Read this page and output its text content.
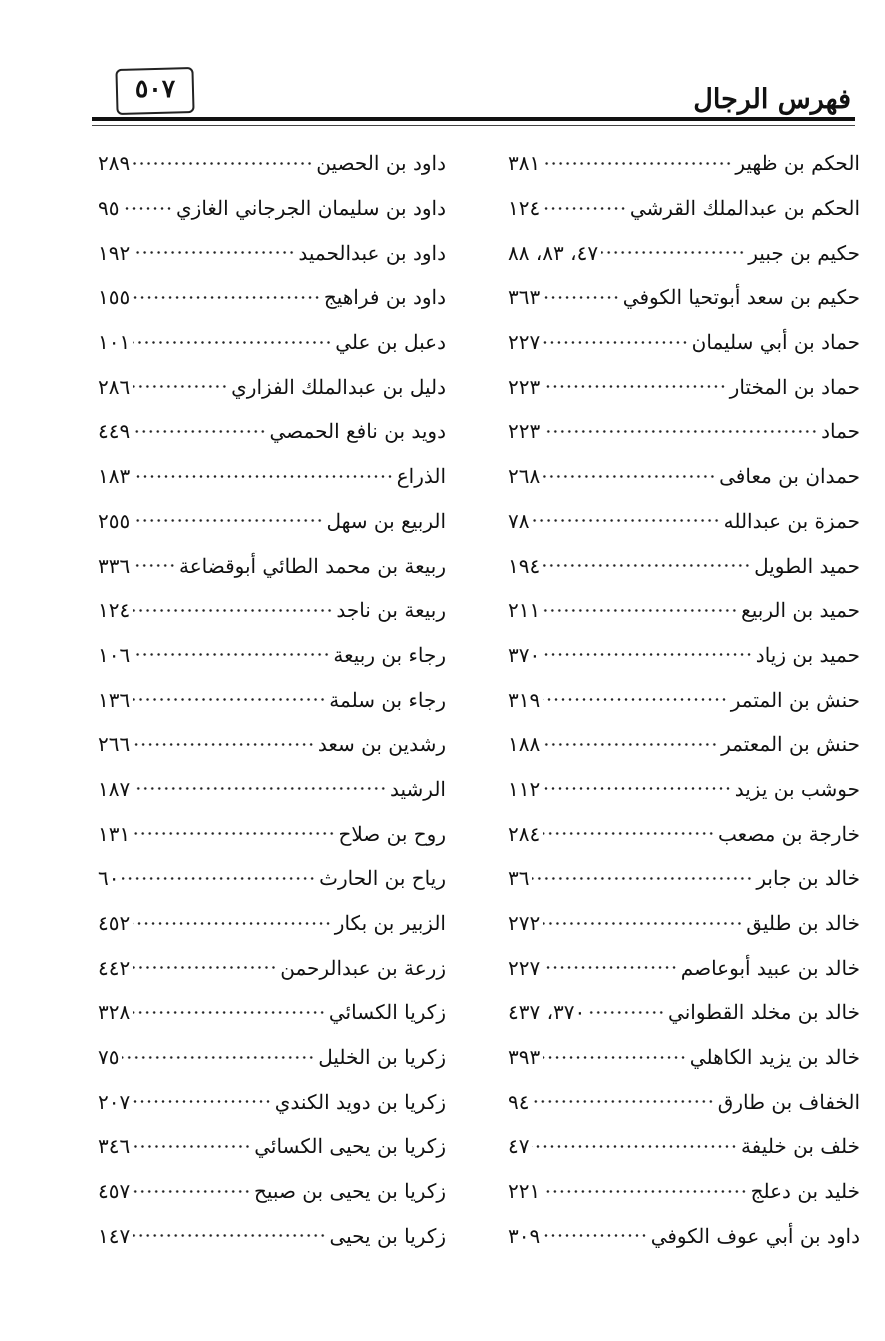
٥٠٧	فهرس الرجال
الحكم بن ظهير
٣٨١
الحكم بن عبدالملك القرشي
١٢٤
حكيم بن جبير
٤٧، ٨٣، ٨٨
حكيم بن سعد أبوتحيا الكوفي
٣٦٣
حماد بن أبي سليمان
٢٢٧
حماد بن المختار
٢٢٣
حماد
٢٢٣
حمدان بن معافى
٢٦٨
حمزة بن عبدالله
٧٨
حميد الطويل
١٩٤
حميد بن الربيع
٢١١
حميد بن زياد
٣٧٠
حنش بن المتمر
٣١٩
حنش بن المعتمر
١٨٨
حوشب بن يزيد
١١٢
خارجة بن مصعب
٢٨٤
خالد بن جابر
٣٦
خالد بن طليق
٢٧٢
خالد بن عبيد أبوعاصم
٢٢٧
خالد بن مخلد القطواني
٣٧٠، ٤٣٧
خالد بن يزيد الكاهلي
٣٩٣
الخفاف بن طارق
٩٤
خلف بن خليفة
٤٧
خليد بن دعلج
٢٢١
داود بن أبي عوف الكوفي
٣٠٩
داود بن الحصين
٢٨٩
داود بن سليمان الجرجاني الغازي
٩٥
داود بن عبدالحميد
١٩٢
داود بن فراهيج
١٥٥
دعبل بن علي
١٠١
دليل بن عبدالملك الفزاري
٢٨٦
دويد بن نافع الحمصي
٤٤٩
الذراع
١٨٣
الربيع بن سهل
٢٥٥
ربيعة بن محمد الطائي أبوقضاعة
٣٣٦
ربيعة بن ناجد
١٢٤
رجاء بن ربيعة
١٠٦
رجاء بن سلمة
١٣٦
رشدين بن سعد
٢٦٦
الرشيد
١٨٧
روح بن صلاح
١٣١
رياح بن الحارث
٦٠
الزبير بن بكار
٤٥٢
زرعة بن عبدالرحمن
٤٤٢
زكريا الكسائي
٣٢٨
زكريا بن الخليل
٧٥
زكريا بن دويد الكندي
٢٠٧
زكريا بن يحيى الكسائي
٣٤٦
زكريا بن يحيى بن صبيح
٤٥٧
زكريا بن يحيى
١٤٧
